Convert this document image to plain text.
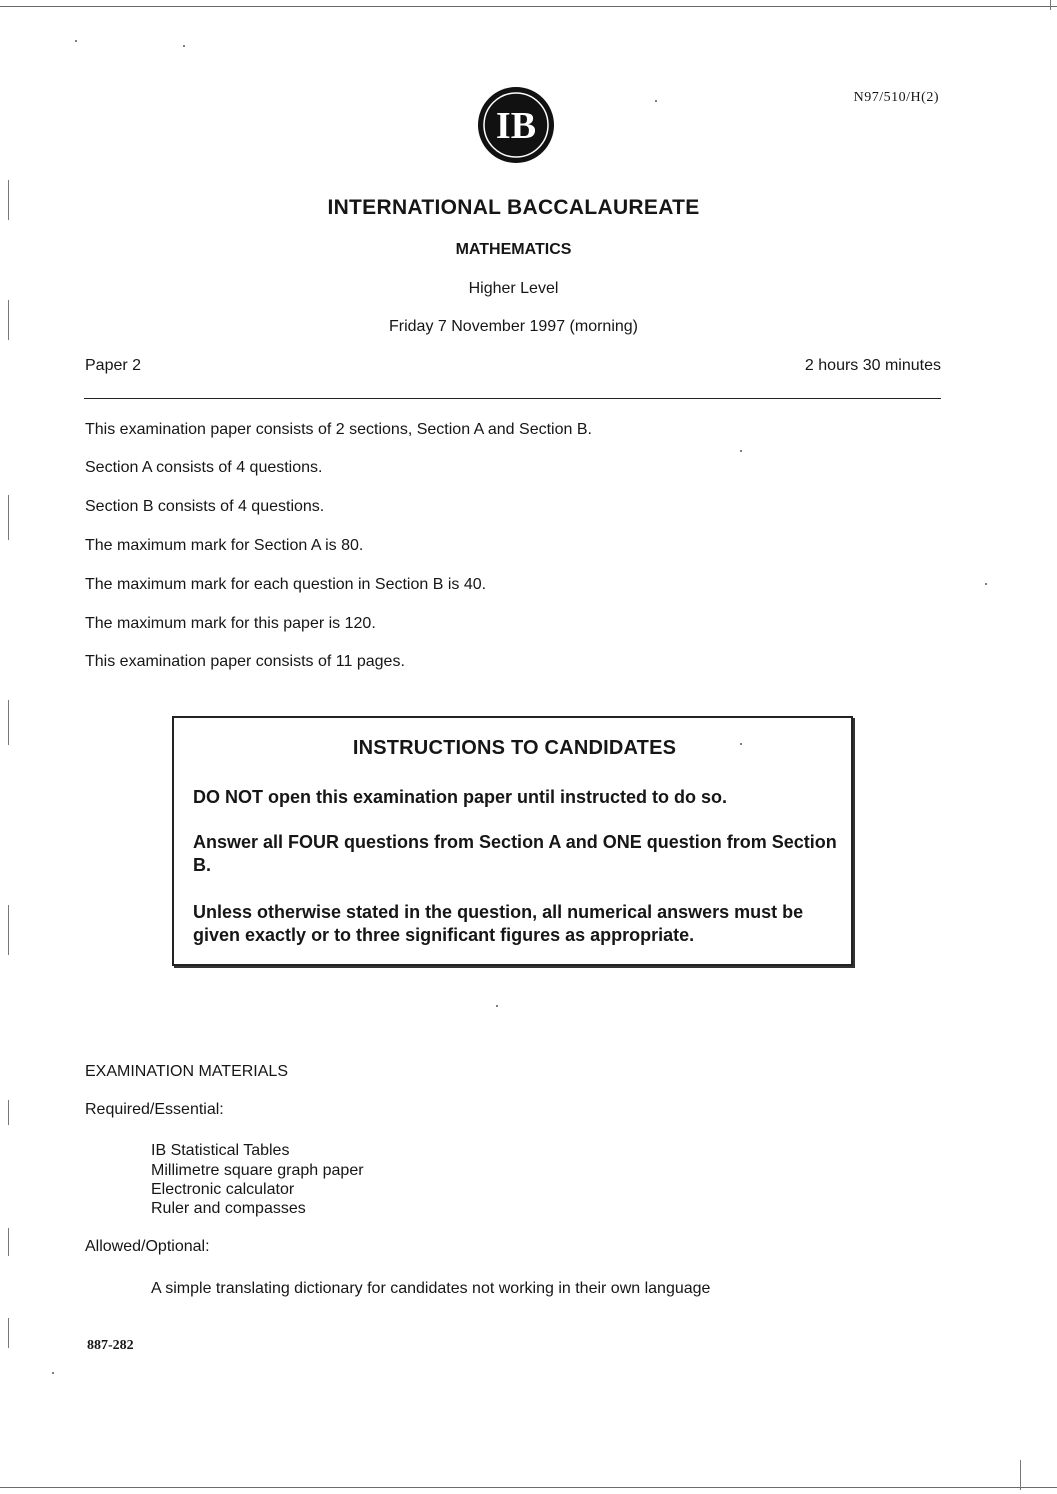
N97/510/H(2)
IB
INTERNATIONAL BACCALAUREATE
MATHEMATICS
Higher Level
Friday 7 November 1997 (morning)
Paper 2	2 hours 30 minutes
This examination paper consists of 2 sections, Section A and Section B.
Section A consists of 4 questions.
Section B consists of 4 questions.
The maximum mark for Section A is 80.
The maximum mark for each question in Section B is 40.
The maximum mark for this paper is 120.
This examination paper consists of 11 pages.
INSTRUCTIONS TO CANDIDATES
DO NOT open this examination paper until instructed to do so.
Answer all FOUR questions from Section A and ONE question from Section B.
Unless otherwise stated in the question, all numerical answers must be given exactly or to three significant figures as appropriate.
EXAMINATION MATERIALS
Required/Essential:
IB Statistical Tables
Millimetre square graph paper
Electronic calculator
Ruler and compasses
Allowed/Optional:
A simple translating dictionary for candidates not working in their own language
887-282
